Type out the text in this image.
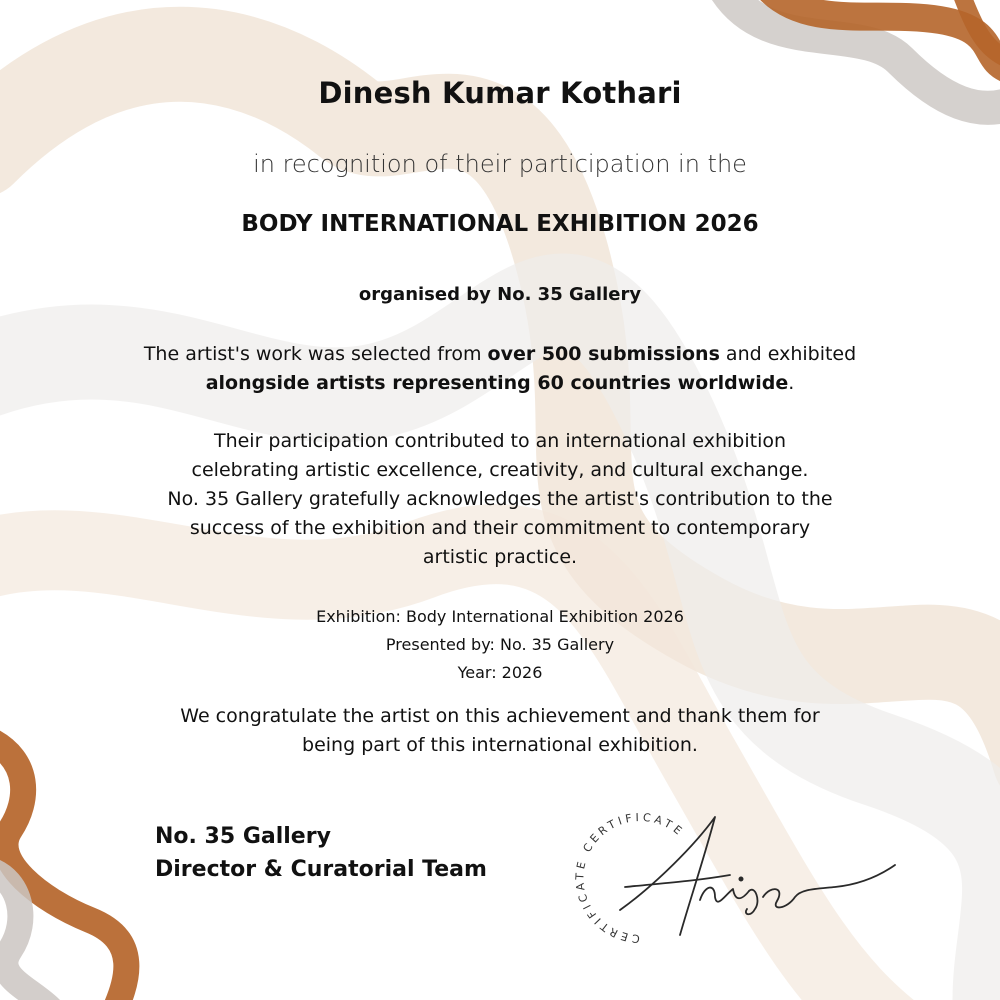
Dinesh Kumar Kothari
in recognition of their participation in the
BODY INTERNATIONAL EXHIBITION 2026
organised by No. 35 Gallery
The artist's work was selected from over 500 submissions and exhibited alongside artists representing 60 countries worldwide.
Their participation contributed to an international exhibition
celebrating artistic excellence, creativity, and cultural exchange.
No. 35 Gallery gratefully acknowledges the artist's contribution to the
success of the exhibition and their commitment to contemporary
artistic practice.
Exhibition: Body International Exhibition 2026
Presented by: No. 35 Gallery
Year: 2026
We congratulate the artist on this achievement and thank them for
being part of this international exhibition.
No. 35 Gallery
Director & Curatorial Team
CERTIFICATE CERTIFICATE
